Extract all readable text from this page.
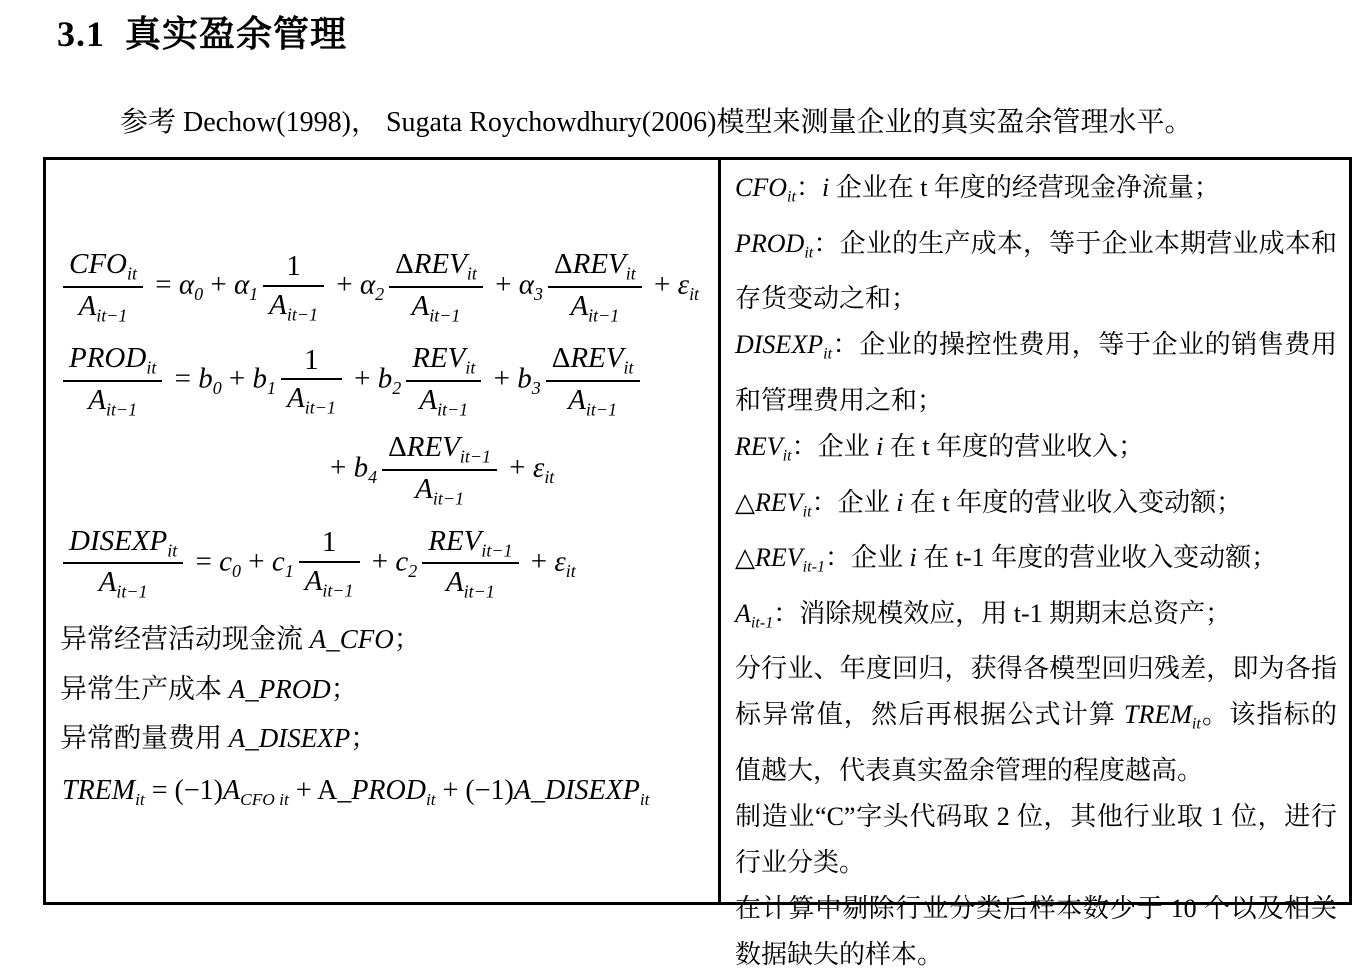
3.1 真实盈余管理

参考 Dechow(1998)， Sugata Roychowdhury(2006)模型来测量企业的真实盈余管理水平。

$\frac{CFO_{it}}{A_{it-1}} = \alpha_0 + \alpha_1 \frac{1}{A_{it-1}} + \alpha_2 \frac{\Delta REV_{it}}{A_{it-1}} + \alpha_3 \frac{\Delta REV_{it}}{A_{it-1}} + \varepsilon_{it}$
$\frac{PROD_{it}}{A_{it-1}} = b_0 + b_1 \frac{1}{A_{it-1}} + b_2 \frac{REV_{it}}{A_{it-1}} + b_3 \frac{\Delta REV_{it}}{A_{it-1}}$
+ $b_4 \frac{\Delta REV_{it-1}}{A_{it-1}} + \varepsilon_{it}$
$\frac{DISEXP_{it}}{A_{it-1}} = c_0 + c_1 \frac{1}{A_{it-1}} + c_2 \frac{REV_{it-1}}{A_{it-1}} + \varepsilon_{it}$
异常经营活动现金流 A_CFO；
异常生产成本 A_PROD；
异常酌量费用 A_DISEXP；
$TREM_{it} = (-1)A_{CFO}$ $_{it} + A\_PROD_{it}$ + $(-1)A\_DISEXP_{it}$

$CFO_{it}$：i 企业在 t 年度的经营现金净流量；

$PROD_{it}$：企业的生产成本，等于企业本期营业成本和存货变动之和；

$DISEXP_{it}$：企业的操控性费用，等于企业的销售费用和管理费用之和；

$REV_{it}$：企业 i 在 t 年度的营业收入；

$\triangle REV_{it}$：企业 i 在 t 年度的营业收入变动额；

$\triangle REV_{it-1}$：企业 i 在 t-1 年度的营业收入变动额；

$A_{it-1}$：消除规模效应，用 t-1 期期末总资产；

分行业、年度回归，获得各模型回归残差，即为各指标异常值，然后再根据公式计算 $TREM_{it}$。该指标的值越大，代表真实盈余管理的程度越高。

制造业“C”字头代码取 2 位，其他行业取 1 位，进行行业分类。

在计算中剔除行业分类后样本数少于 10 个以及相关数据缺失的样本。
